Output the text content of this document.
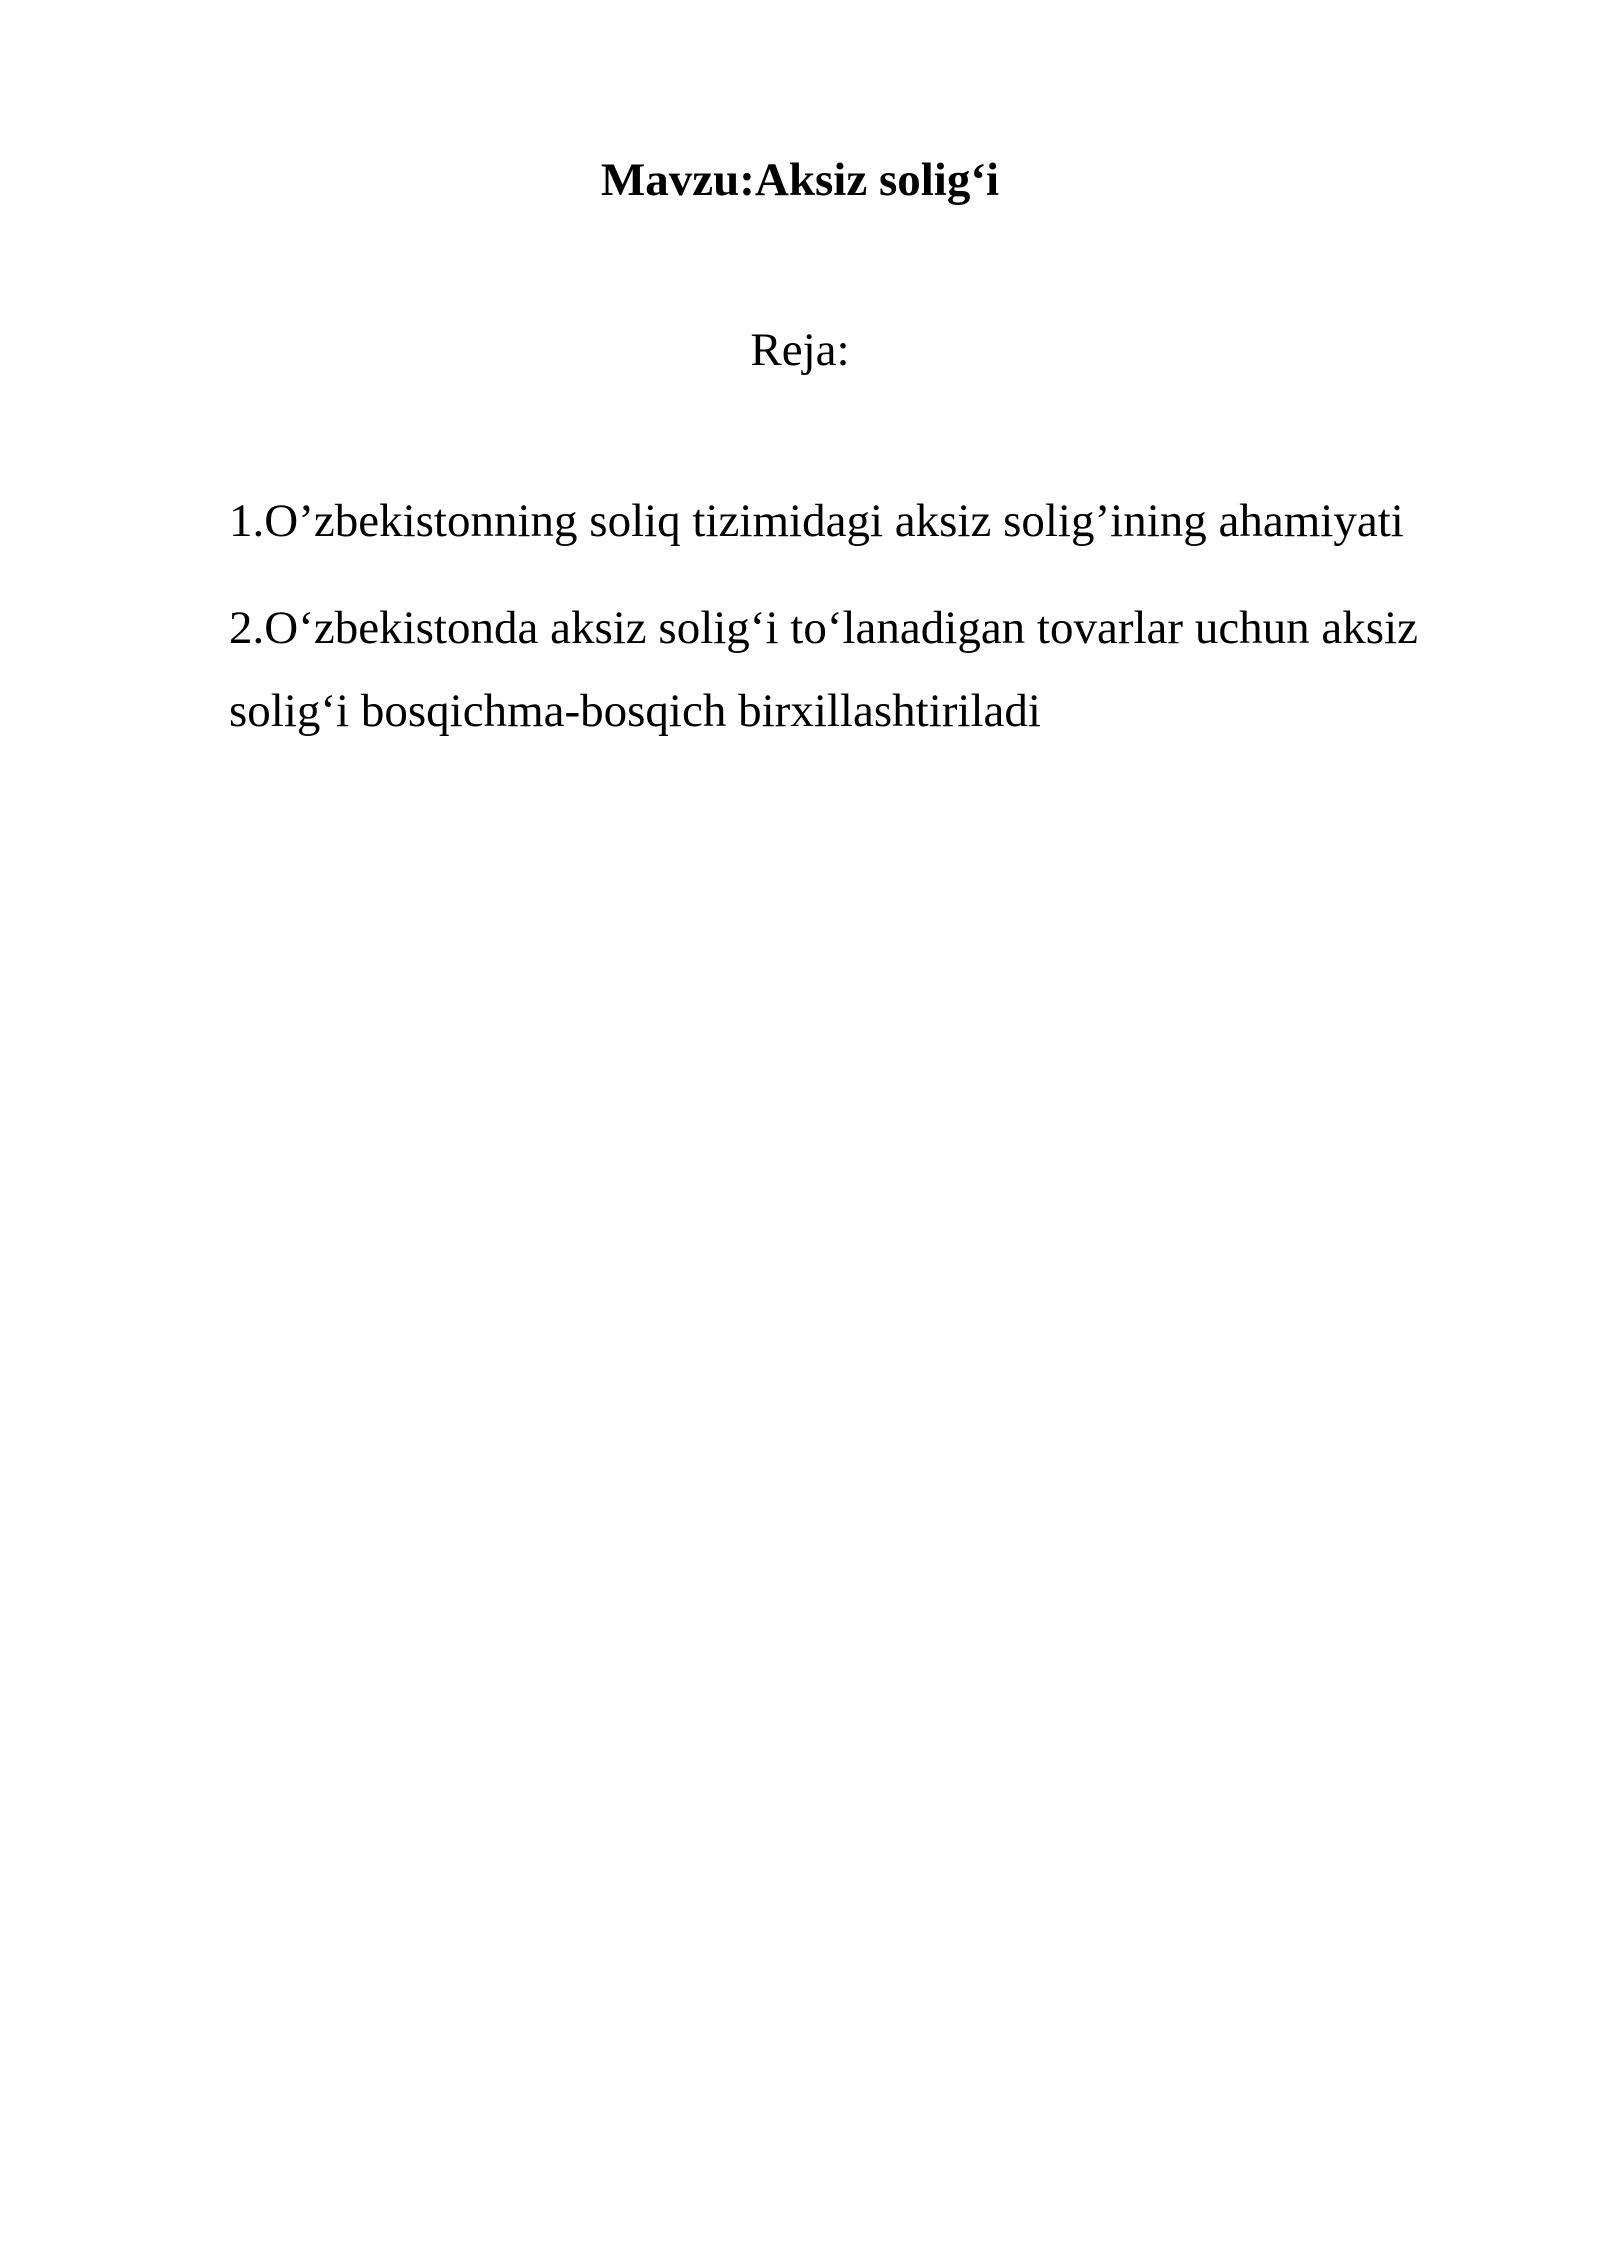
Mavzu:Aksiz solig‘i
Reja:
1.O’zbekistonning soliq tizimidagi aksiz solig’ining ahamiyati
2.O‘zbekistonda aksiz solig‘i to‘lanadigan tovarlar uchun aksiz solig‘i bosqichma-bosqich birxillashtiriladi
